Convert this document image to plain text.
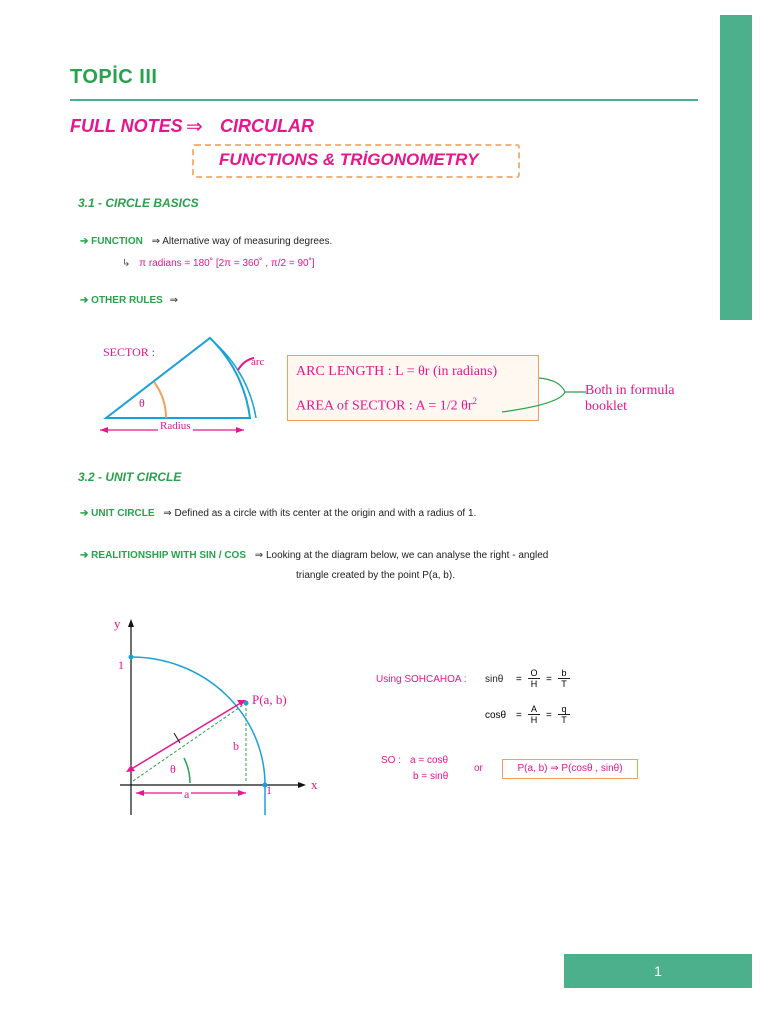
TOPİC III
FULL NOTES ⇒ CIRCULAR
FUNCTIONS & TRİGONOMETRY
3.1 - CIRCLE BASICS
➔ FUNCTION ⇒ Alternative way of measuring degrees.
↳ π radians = 180˚ [2π = 360˚ , π/2 = 90˚]
➔ OTHER RULES ⇒
SECTOR :
arc
θ
Radius
ARC LENGTH : L = θr (in radians)
AREA of SECTOR : A = 1/2 $\theta r^2$
Both in formula booklet
3.2 - UNIT CIRCLE
➔ UNIT CIRCLE ⇒ Defined as a circle with its center at the origin and with a radius of 1.
➔ REALITIONSHIP WITH SIN / COS ⇒ Looking at the diagram below, we can analyse the right - angled
triangle created by the point P(a, b).
y
x
1
1
P(a, b)
b
a
θ
Using SOHCAHOA : sinθ =
O
H =
b
T
cosθ =
A
H =
q
T
SO : a = cosθ
b = sinθ
or	P(a, b) ⇒ P(cosθ , sinθ)
1
